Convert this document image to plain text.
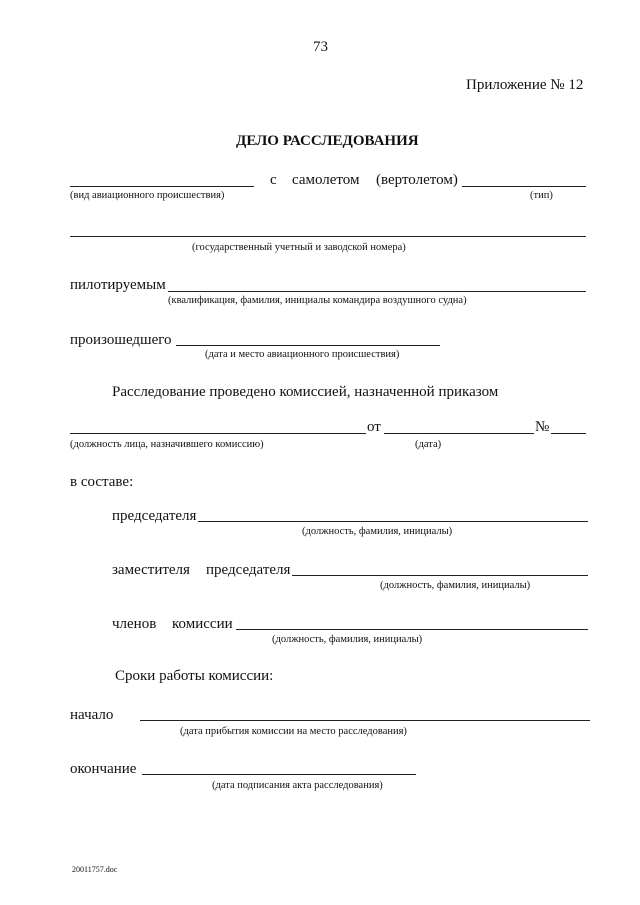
73
Приложение № 12
ДЕЛО РАССЛЕДОВАНИЯ
с самолетом (вертолетом)
(вид авиационного происшествия)	(тип)
(государственный учетный и заводской номера)
пилотируемым
(квалификация, фамилия, инициалы командира воздушного судна)
произошедшего
(дата и место авиационного происшествия)
Расследование проведено комиссией, назначенной приказом
от	№
(должность лица, назначившего комиссию)	(дата)
в составе:
председателя
(должность, фамилия, инициалы)
заместителя председателя
(должность, фамилия, инициалы)
членов комиссии
(должность, фамилия, инициалы)
Сроки работы комиссии:
начало
(дата прибытия комиссии на место расследования)
окончание
(дата подписания акта расследования)
20011757.doc
